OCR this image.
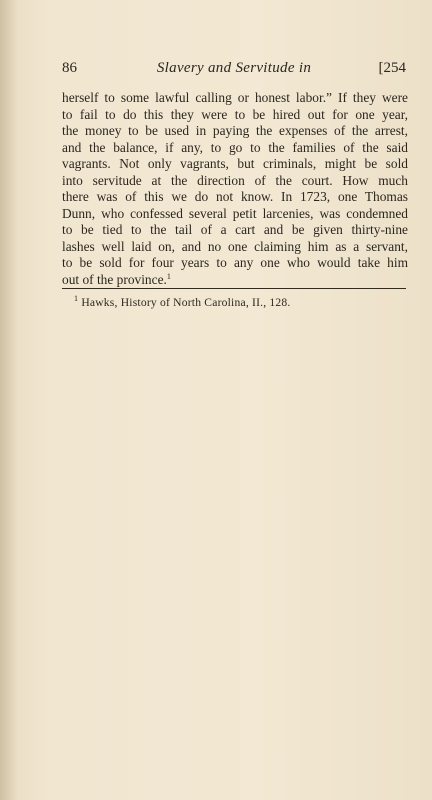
86	Slavery and Servitude in	[254
herself to some lawful calling or honest labor.” If they were
to fail to do this they were to be hired out for one year,
the money to be used in paying the expenses of the arrest,
and the balance, if any, to go to the families of the said
vagrants. Not only vagrants, but criminals, might be sold
into servitude at the direction of the court. How much
there was of this we do not know. In 1723, one Thomas
Dunn, who confessed several petit larcenies, was condemned
to be tied to the tail of a cart and be given thirty-nine
lashes well laid on, and no one claiming him as a servant,
to be sold for four years to any one who would take him
out of the province.$^1$
$^1$ Hawks, History of North Carolina, II., 128.
